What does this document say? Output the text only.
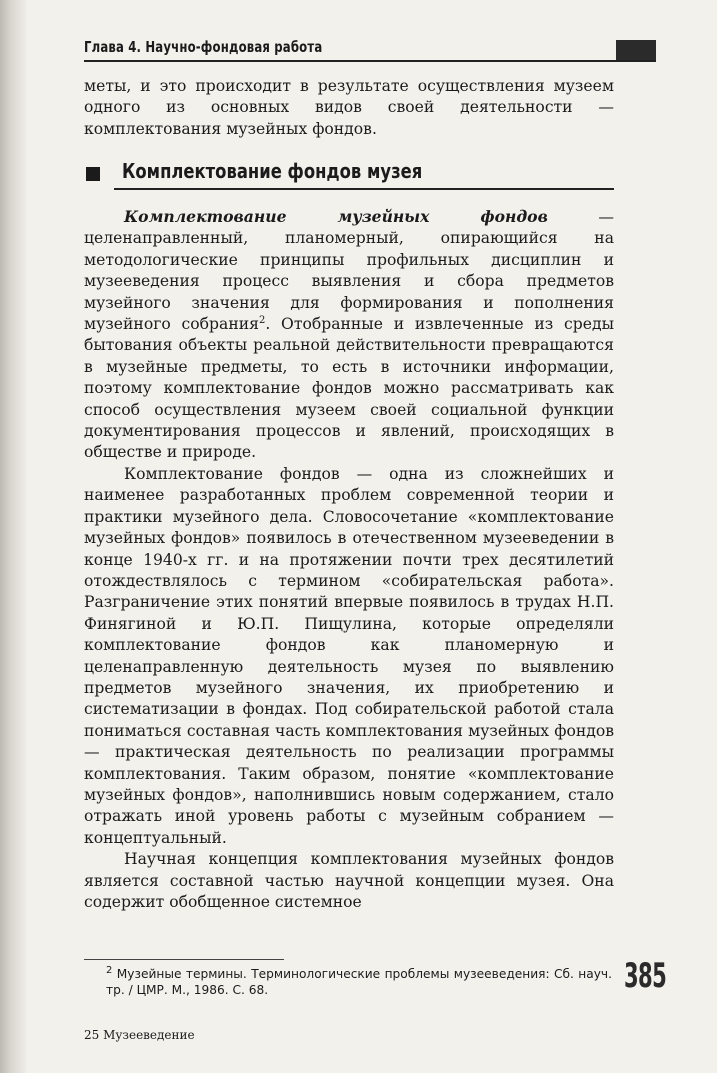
Глава 4. Научно-фондовая работа

меты, и это происходит в результате осуществления музеем одного из основных видов своей деятельности — комплектования музейных фондов.

Комплектование фондов музея

Комплектование музейных фондов — целенаправленный, планомерный, опирающийся на методологические принципы профильных дисциплин и музееведения процесс выявления и сбора предметов музейного значения для формирования и пополнения музейного собрания$^2$. Отобранные и извлеченные из среды бытования объекты реальной действительности превращаются в музейные предметы, то есть в источники информации, поэтому комплектование фондов можно рассматривать как способ осуществления музеем своей социальной функции документирования процессов и явлений, происходящих в обществе и природе.

Комплектование фондов — одна из сложнейших и наименее разработанных проблем современной теории и практики музейного дела. Словосочетание «комплектование музейных фондов» появилось в отечественном музееведении в конце 1940-х гг. и на протяжении почти трех десятилетий отождествлялось с термином «собирательская работа». Разграничение этих понятий впервые появилось в трудах Н.П. Финягиной и Ю.П. Пищулина, которые определяли комплектование фондов как планомерную и целенаправленную деятельность музея по выявлению предметов музейного значения, их приобретению и систематизации в фондах. Под собирательской работой стала пониматься составная часть комплектования музейных фондов — практическая деятельность по реализации программы комплектования. Таким образом, понятие «комплектование музейных фондов», наполнившись новым содержанием, стало отражать иной уровень работы с музейным собранием — концептуальный.

Научная концепция комплектования музейных фондов является составной частью научной концепции музея. Она содержит обобщенное системное

$^2$ Музейные термины. Терминологические проблемы музееведения: Сб. науч. тр. / ЦМР. М., 1986. С. 68.	385
25 Музееведение
